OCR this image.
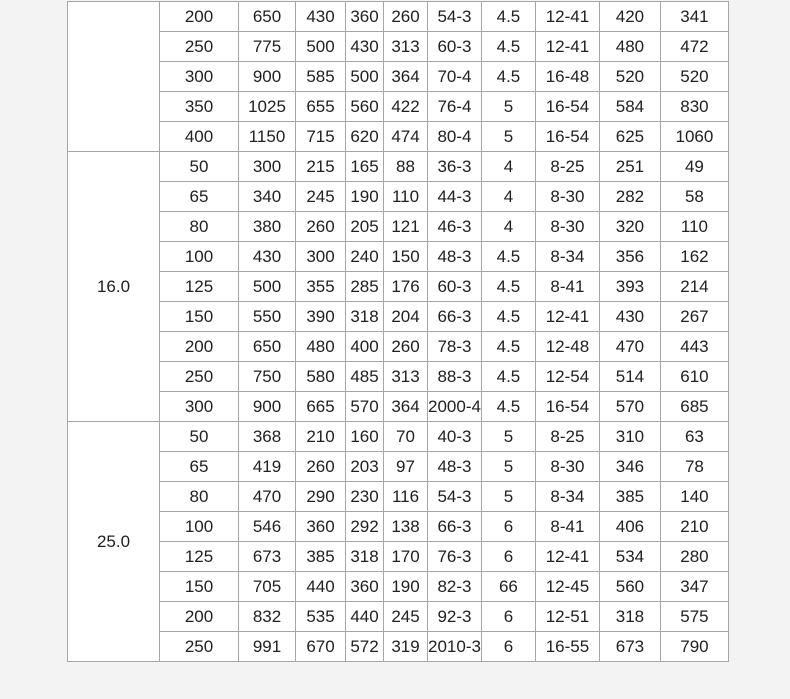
	200	650	430	360	260	54-3	4.5	12-41	420	341
	250	775	500	430	313	60-3	4.5	12-41	480	472
	300	900	585	500	364	70-4	4.5	16-48	520	520
	350	1025	655	560	422	76-4	5	16-54	584	830
	400	1150	715	620	474	80-4	5	16-54	625	1060
16.0	50	300	215	165	88	36-3	4	8-25	251	49
	65	340	245	190	110	44-3	4	8-30	282	58
	80	380	260	205	121	46-3	4	8-30	320	110
	100	430	300	240	150	48-3	4.5	8-34	356	162
	125	500	355	285	176	60-3	4.5	8-41	393	214
	150	550	390	318	204	66-3	4.5	12-41	430	267
	200	650	480	400	260	78-3	4.5	12-48	470	443
	250	750	580	485	313	88-3	4.5	12-54	514	610
	300	900	665	570	364	2000-4	4.5	16-54	570	685
25.0	50	368	210	160	70	40-3	5	8-25	310	63
	65	419	260	203	97	48-3	5	8-30	346	78
	80	470	290	230	116	54-3	5	8-34	385	140
	100	546	360	292	138	66-3	6	8-41	406	210
	125	673	385	318	170	76-3	6	12-41	534	280
	150	705	440	360	190	82-3	66	12-45	560	347
	200	832	535	440	245	92-3	6	12-51	318	575
	250	991	670	572	319	2010-3	6	16-55	673	790
